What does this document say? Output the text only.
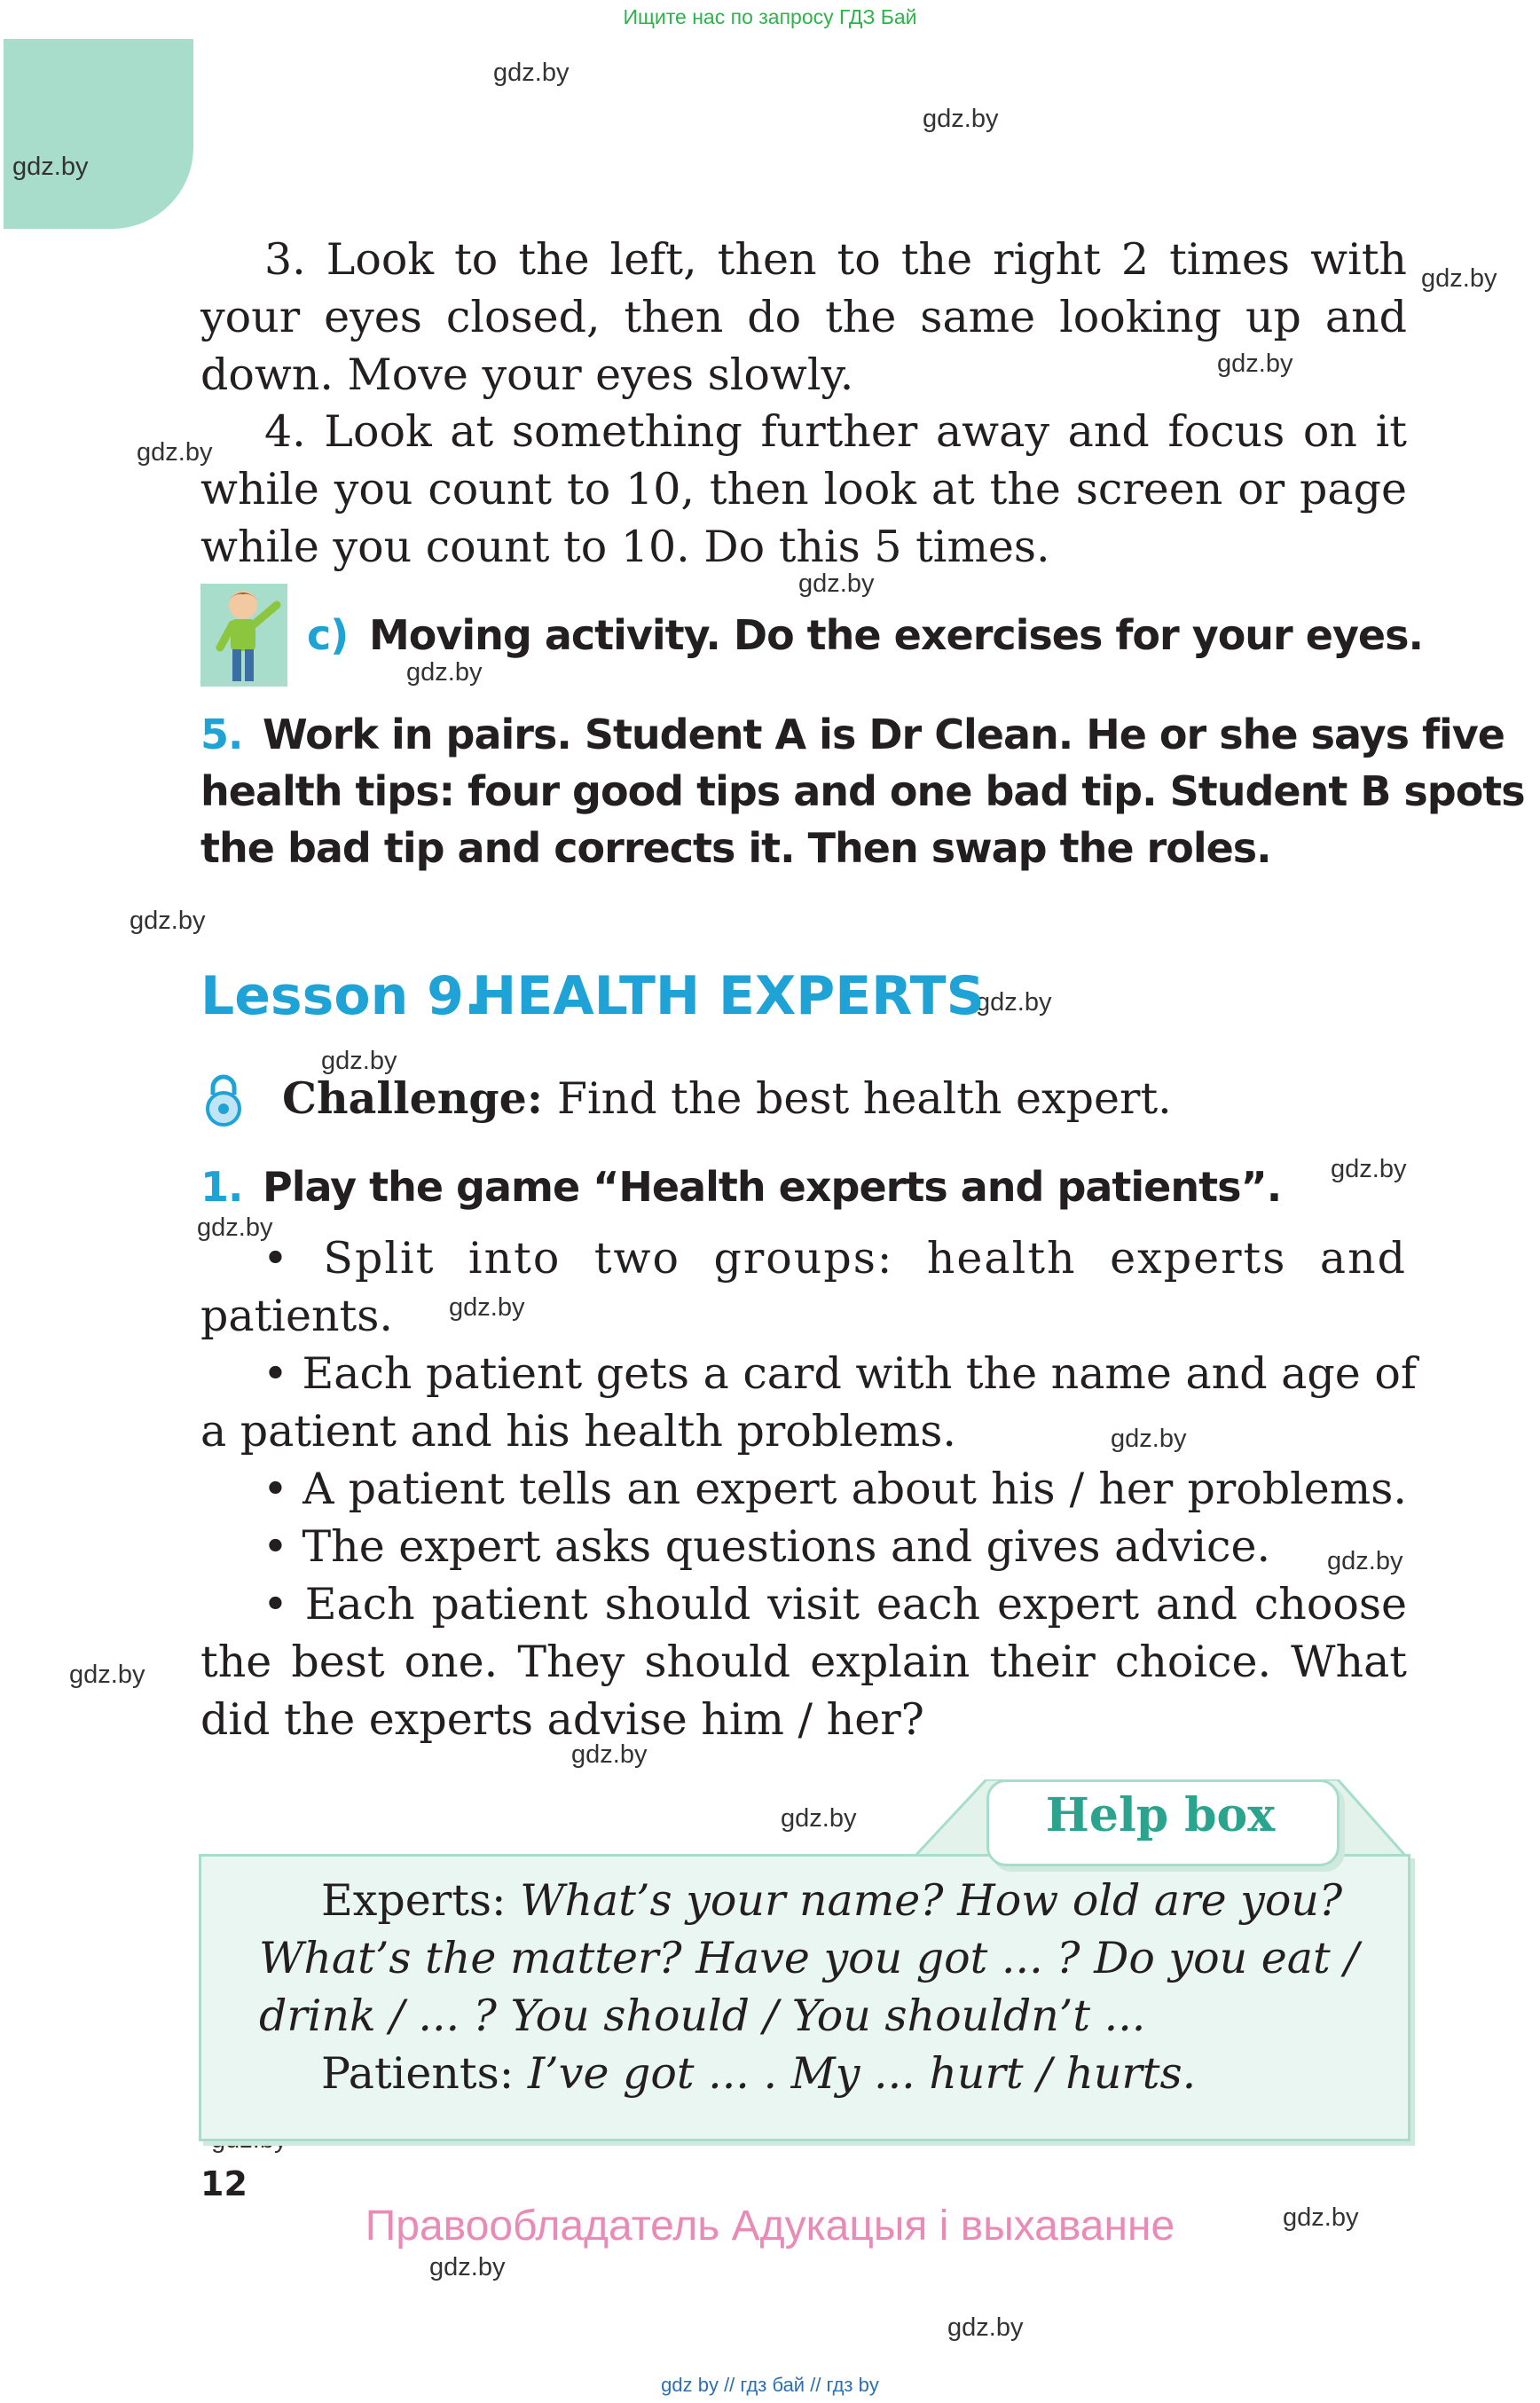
Ищите нас по запросу ГДЗ Бай
gdz.by
gdz.by
gdz.by
gdz.by
gdz.by
gdz.by
gdz.by
gdz.by
gdz.by
gdz.by
gdz.by
gdz.by
gdz.by
gdz.by
gdz.by
gdz.by
gdz.by
gdz.by
gdz.by
gdz.by
gdz.by
gdz.by
3. Look to the left, then to the right 2 times with
your eyes closed, then do the same looking up and
down. Move your eyes slowly.
4. Look at something further away and focus on it
while you count to 10, then look at the screen or page
while you count to 10. Do this 5 times.
c) Moving activity. Do the exercises for your eyes.
5. Work in pairs. Student A is Dr Clean. He or she says five
health tips: four good tips and one bad tip. Student B spots
the bad tip and corrects it. Then swap the roles.
Lesson 9.
HEALTH EXPERTS
Challenge: Find the best health expert.
1. Play the game “Health experts and patients”.
• Split into two groups: health experts and
patients.
• Each patient gets a card with the name and age of
a patient and his health problems.
• A patient tells an expert about his / her problems.
• The expert asks questions and gives advice.
• Each patient should visit each expert and choose
the best one. They should explain their choice. What
did the experts advise him / her?
Help box
Experts: What’s your name? How old are you?
What’s the matter? Have you got ... ? Do you eat /
drink / ... ? You should / You shouldn’t ...
Patients: I’ve got ... . My ... hurt / hurts.
12
Правообладатель Адукацыя і выхаванне
gdz by // гдз бай // гдз by
